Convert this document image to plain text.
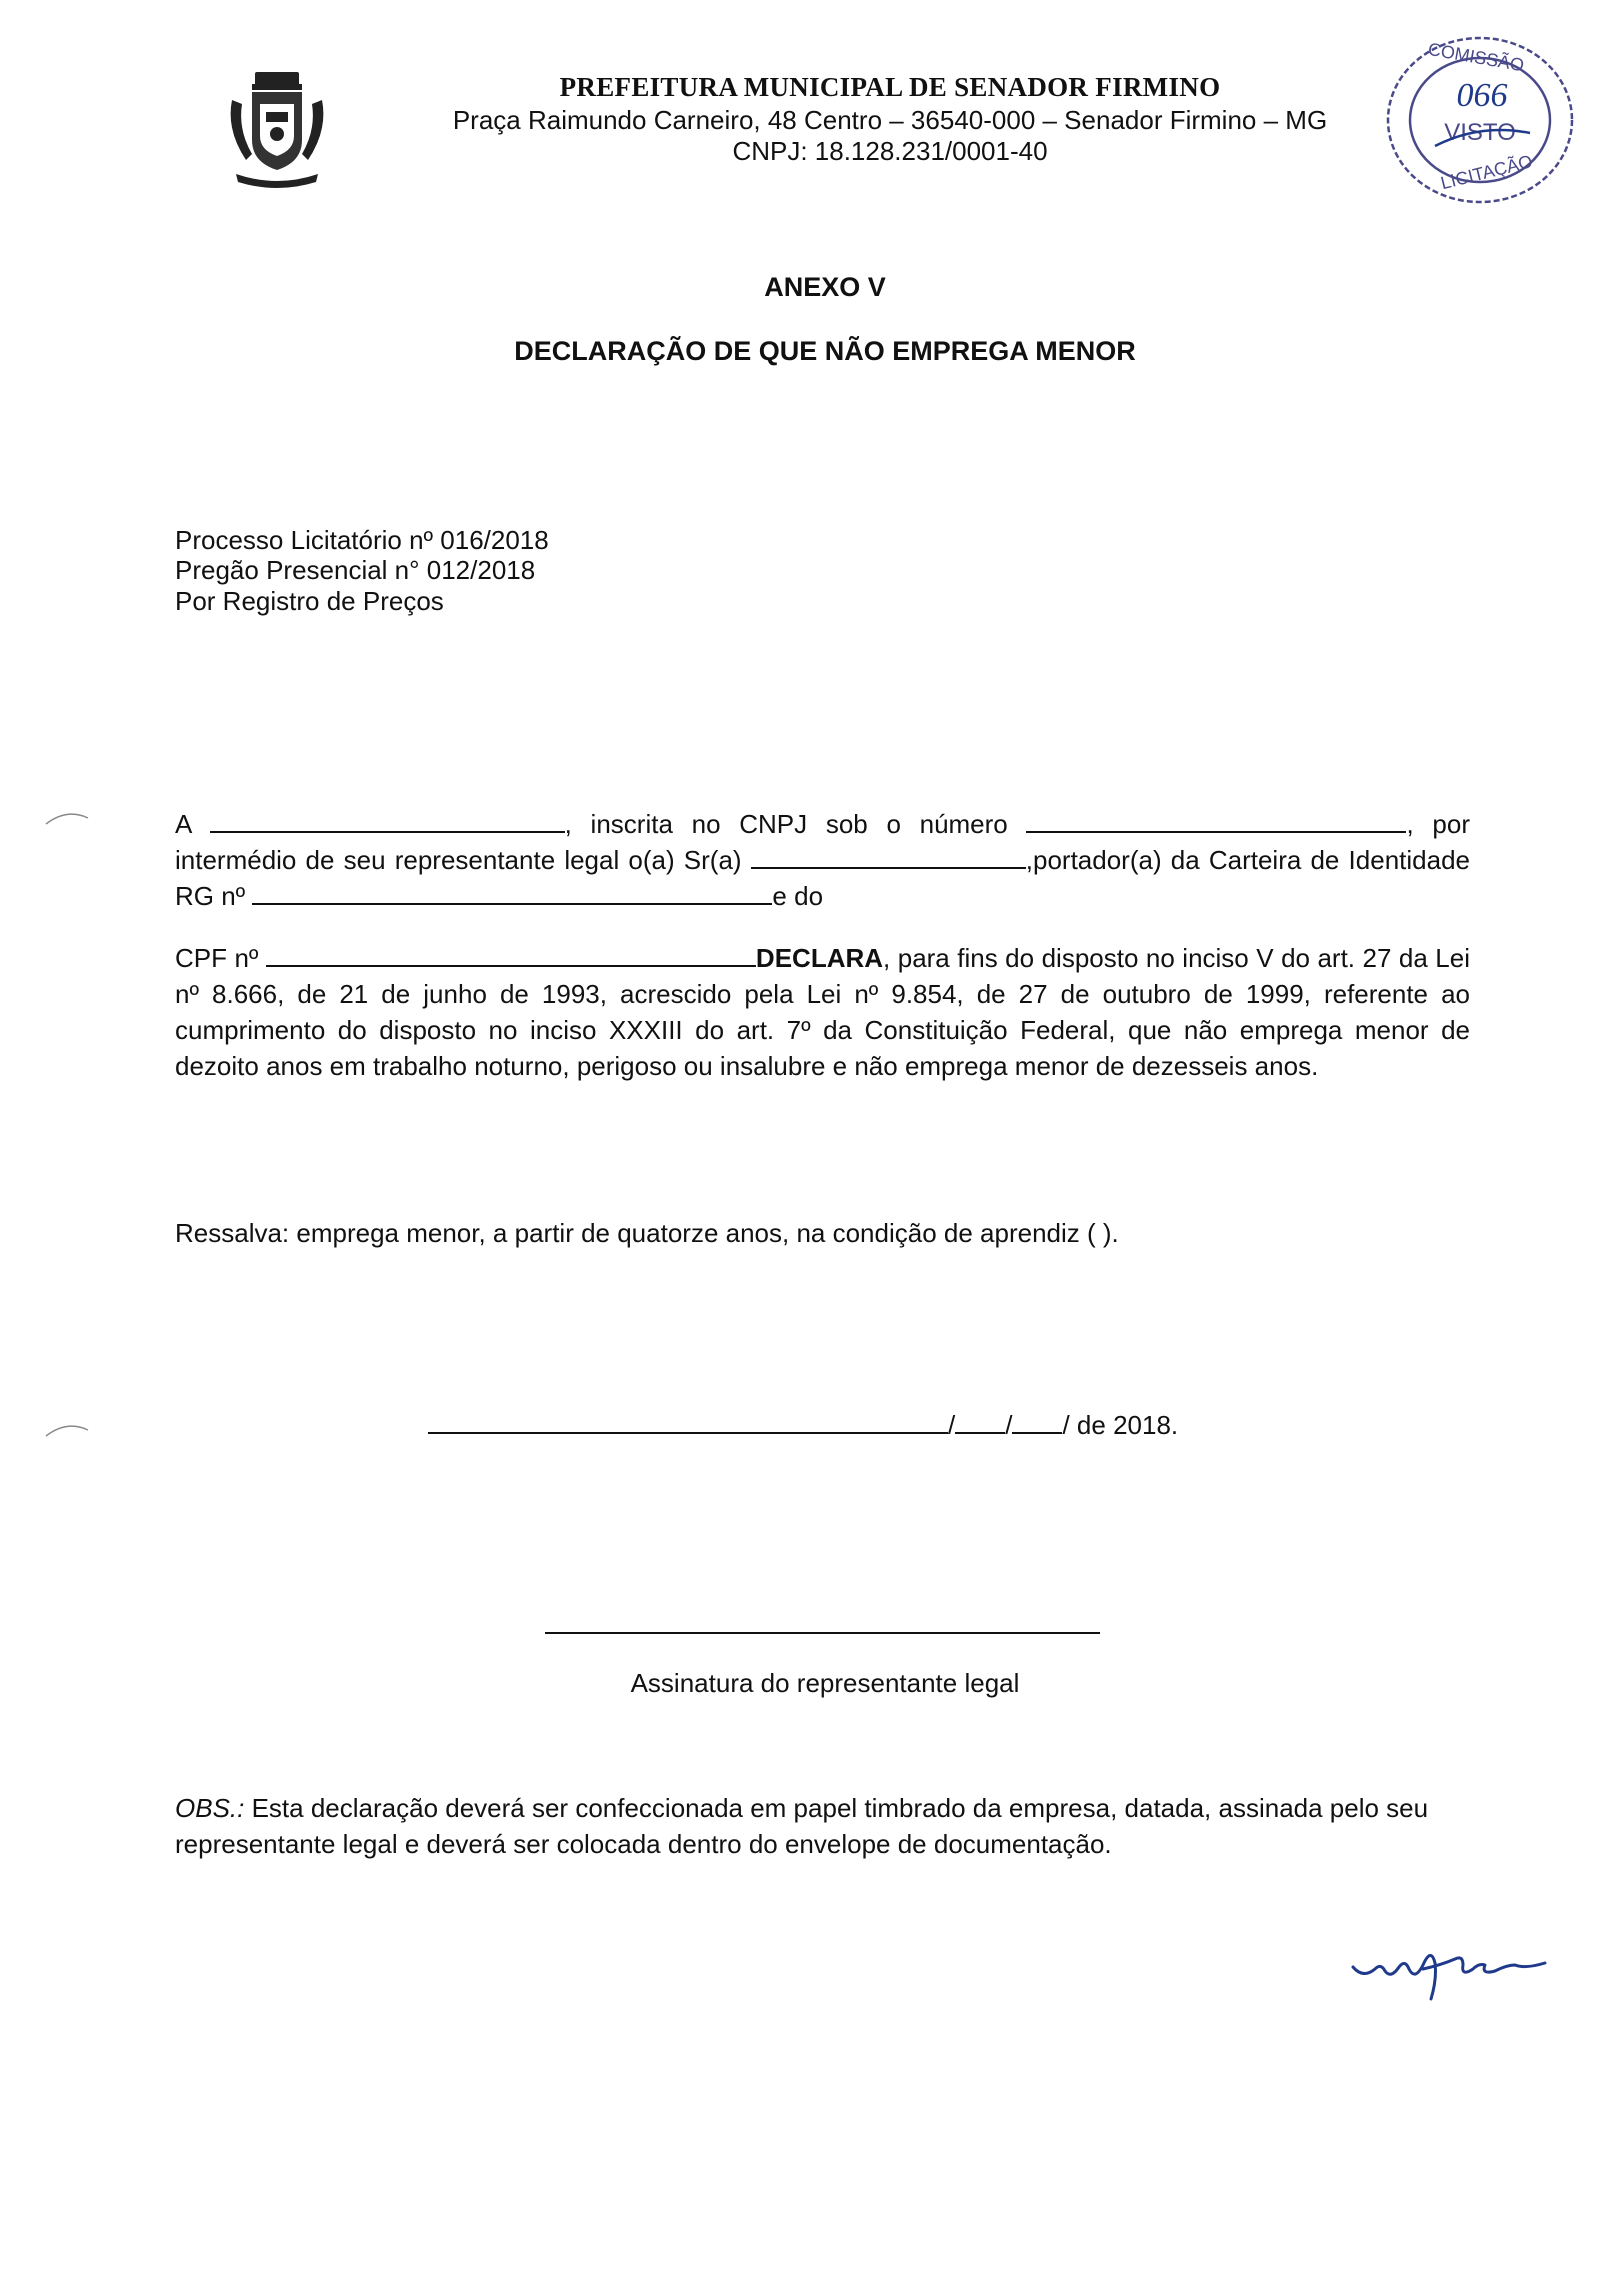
PREFEITURA MUNICIPAL DE SENADOR FIRMINO
Praça Raimundo Carneiro, 48 Centro – 36540-000 – Senador Firmino – MG
CNPJ: 18.128.231/0001-40
COMISSÃO
066
VISTO
LICITAÇÃO
ANEXO V
DECLARAÇÃO DE QUE NÃO EMPREGA MENOR
Processo Licitatório nº 016/2018
Pregão Presencial n° 012/2018
Por Registro de Preços
A	, inscrita no CNPJ sob o número	, por intermédio de seu representante legal o(a) Sr(a)	,portador(a) da Carteira de Identidade RG nº	e do
CPF nº	DECLARA, para fins do disposto no inciso V do art. 27 da Lei nº 8.666, de 21 de junho de 1993, acrescido pela Lei nº 9.854, de 27 de outubro de 1999, referente ao cumprimento do disposto no inciso XXXIII do art. 7º da Constituição Federal, que não emprega menor de dezoito anos em trabalho noturno, perigoso ou insalubre e não emprega menor de dezesseis anos.
Ressalva: emprega menor, a partir de quatorze anos, na condição de aprendiz ( ).
/ / / de 2018.
Assinatura do representante legal
OBS.: Esta declaração deverá ser confeccionada em papel timbrado da empresa, datada, assinada pelo seu representante legal e deverá ser colocada dentro do envelope de documentação.
